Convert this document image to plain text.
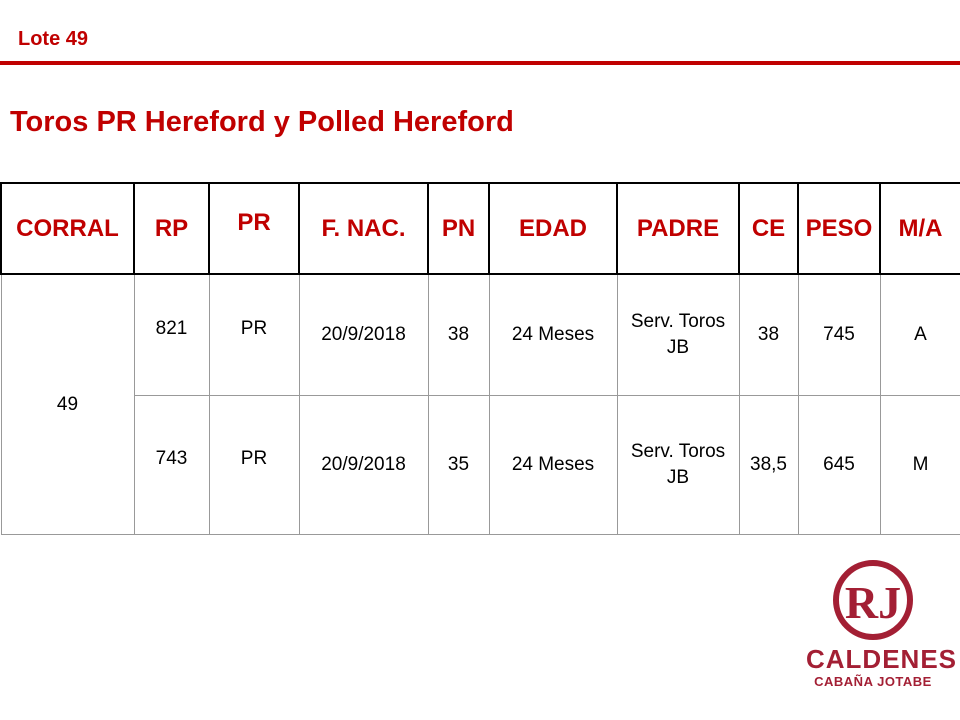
Lote 49
Toros PR Hereford y Polled Hereford
CORRAL	RP	PR	F. NAC.	PN	EDAD	PADRE	CE	PESO	M/A
49	821	PR	20/9/2018	38	24 Meses	Serv. Toros JB	38	745	A
	743	PR	20/9/2018	35	24 Meses	Serv. Toros JB	38,5	645	M
RJ
CALDENES
CABAÑA JOTABE
